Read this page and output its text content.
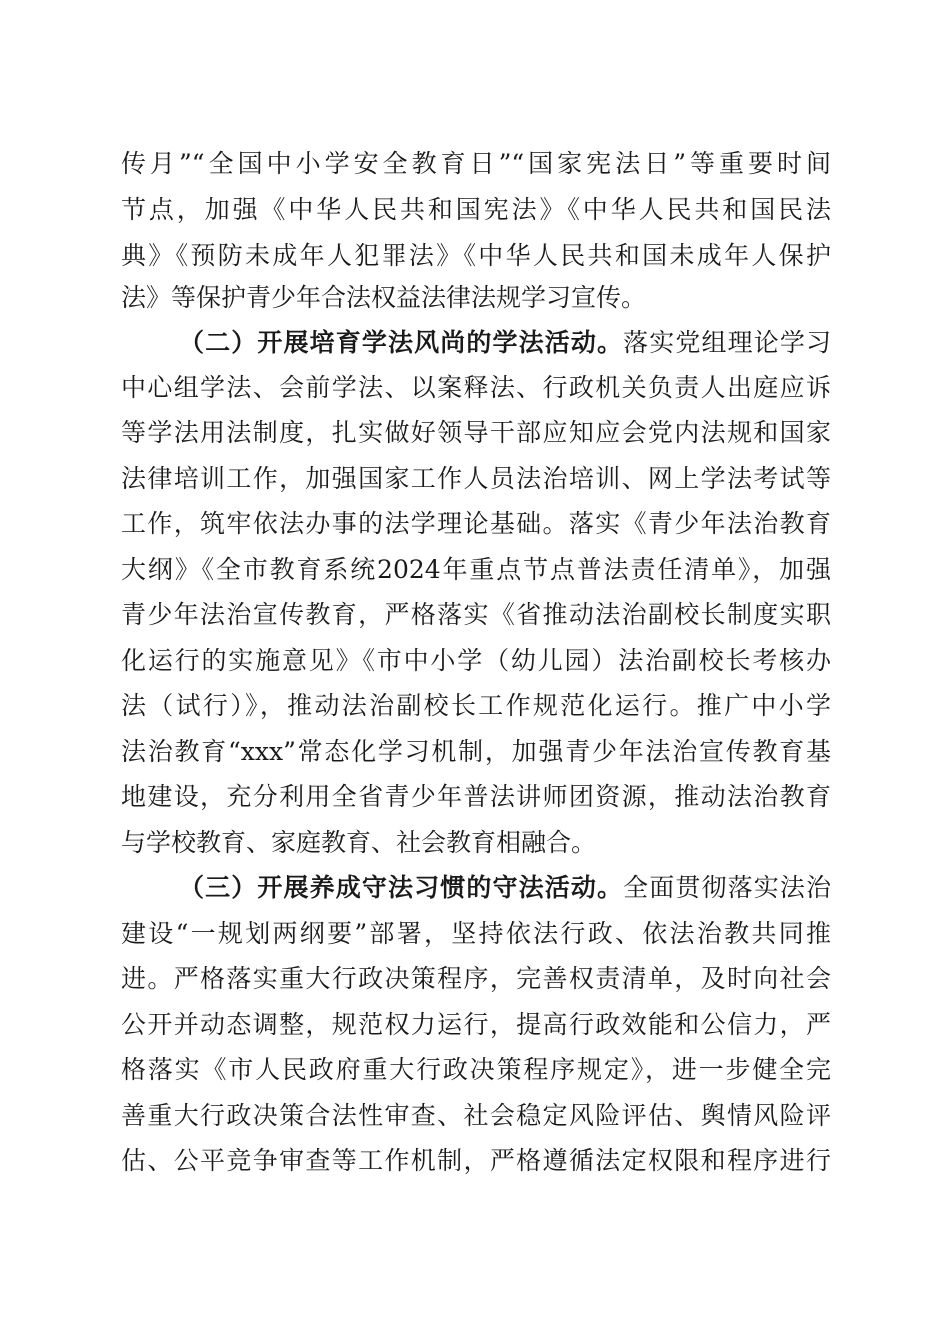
传月”“全国中小学安全教育日”“国家宪法日”等重要时间
节点，加强《中华人民共和国宪法》《中华人民共和国民法
典》《预防未成年人犯罪法》《中华人民共和国未成年人保护
法》等保护青少年合法权益法律法规学习宣传。
（二）开展培育学法风尚的学法活动。落实党组理论学习
中心组学法、会前学法、以案释法、行政机关负责人出庭应诉
等学法用法制度，扎实做好领导干部应知应会党内法规和国家
法律培训工作，加强国家工作人员法治培训、网上学法考试等
工作，筑牢依法办事的法学理论基础。落实《青少年法治教育
大纲》《全市教育系统2024年重点节点普法责任清单》，加强
青少年法治宣传教育，严格落实《省推动法治副校长制度实职
化运行的实施意见》《市中小学（幼儿园）法治副校长考核办
法（试行）》，推动法治副校长工作规范化运行。推广中小学
法治教育“xxx”常态化学习机制，加强青少年法治宣传教育基
地建设，充分利用全省青少年普法讲师团资源，推动法治教育
与学校教育、家庭教育、社会教育相融合。
（三）开展养成守法习惯的守法活动。全面贯彻落实法治
建设“一规划两纲要”部署，坚持依法行政、依法治教共同推
进。严格落实重大行政决策程序，完善权责清单，及时向社会
公开并动态调整，规范权力运行，提高行政效能和公信力，严
格落实《市人民政府重大行政决策程序规定》，进一步健全完
善重大行政决策合法性审查、社会稳定风险评估、舆情风险评
估、公平竞争审查等工作机制，严格遵循法定权限和程序进行
